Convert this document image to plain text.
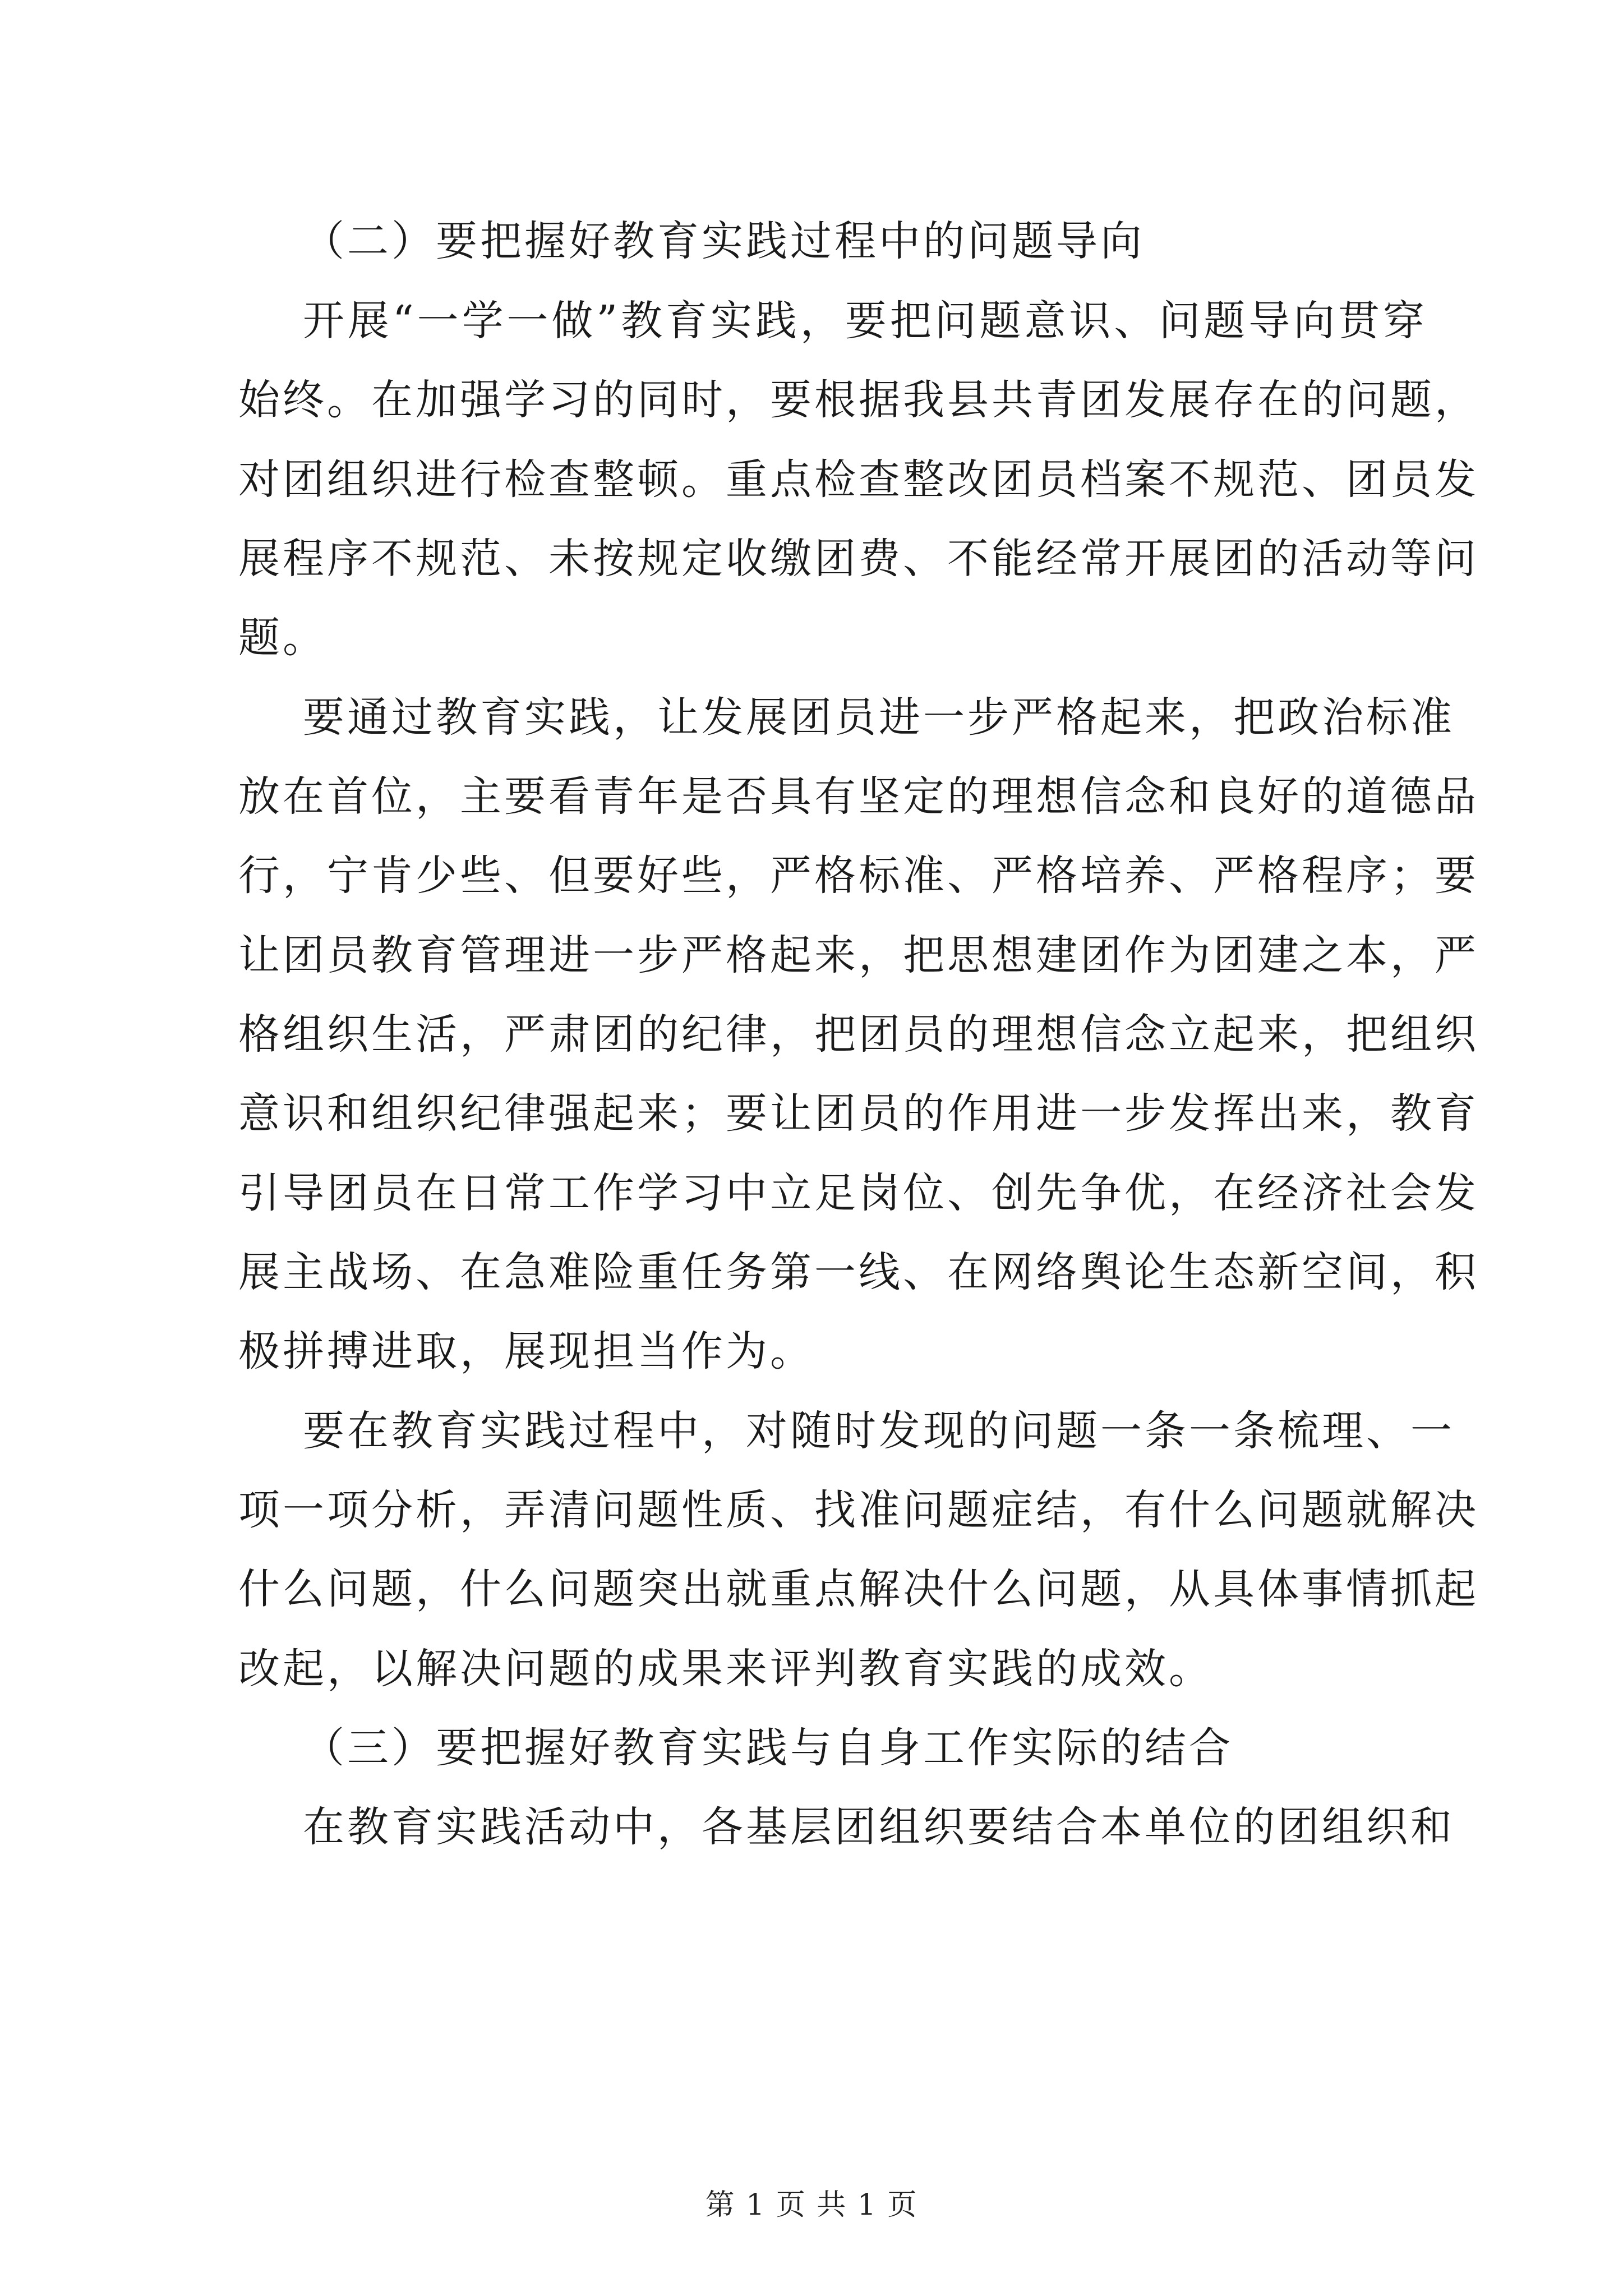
（二）要把握好教育实践过程中的问题导向
开展“一学一做”教育实践，要把问题意识、问题导向贯穿
始终。在加强学习的同时，要根据我县共青团发展存在的问题，
对团组织进行检查整顿。重点检查整改团员档案不规范、团员发
展程序不规范、未按规定收缴团费、不能经常开展团的活动等问
题。
要通过教育实践，让发展团员进一步严格起来，把政治标准
放在首位，主要看青年是否具有坚定的理想信念和良好的道德品
行，宁肯少些、但要好些，严格标准、严格培养、严格程序；要
让团员教育管理进一步严格起来，把思想建团作为团建之本，严
格组织生活，严肃团的纪律，把团员的理想信念立起来，把组织
意识和组织纪律强起来；要让团员的作用进一步发挥出来，教育
引导团员在日常工作学习中立足岗位、创先争优，在经济社会发
展主战场、在急难险重任务第一线、在网络舆论生态新空间，积
极拼搏进取，展现担当作为。
要在教育实践过程中，对随时发现的问题一条一条梳理、一
项一项分析，弄清问题性质、找准问题症结，有什么问题就解决
什么问题，什么问题突出就重点解决什么问题，从具体事情抓起
改起，以解决问题的成果来评判教育实践的成效。
（三）要把握好教育实践与自身工作实际的结合
在教育实践活动中，各基层团组织要结合本单位的团组织和
第 1 页 共 1 页
